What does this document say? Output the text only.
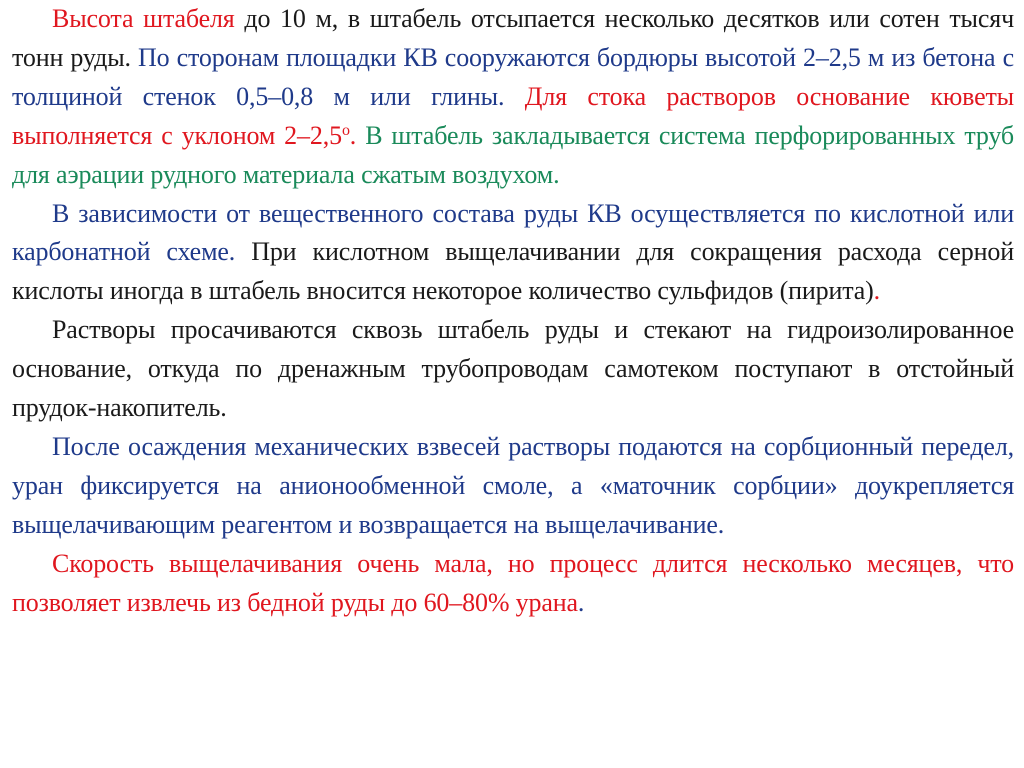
Высота штабеля до 10 м, в штабель отсыпается несколько десятков или сотен тысяч тонн руды. По сторонам площадки КВ сооружаются бордюры высотой 2–2,5 м из бетона с толщиной стенок 0,5–0,8 м или глины. Для стока растворов основание кюветы выполняется с уклоном $2-2,5^о$. В штабель закладывается система перфорированных труб для аэрации рудного материала сжатым воздухом.

В зависимости от вещественного состава руды КВ осуществляется по кислотной или карбонатной схеме. При кислотном выщелачивании для сокращения расхода серной кислоты иногда в штабель вносится некоторое количество сульфидов (пирита).

Растворы просачиваются сквозь штабель руды и стекают на гидроизолированное основание, откуда по дренажным трубопроводам самотеком поступают в отстойный прудок-накопитель.

После осаждения механических взвесей растворы подаются на сорбционный передел, уран фиксируется на анионообменной смоле, а «маточник сорбции» доукрепляется выщелачивающим реагентом и возвращается на выщелачивание.

Скорость выщелачивания очень мала, но процесс длится несколько месяцев, что позволяет извлечь из бедной руды до 60–80% урана.
